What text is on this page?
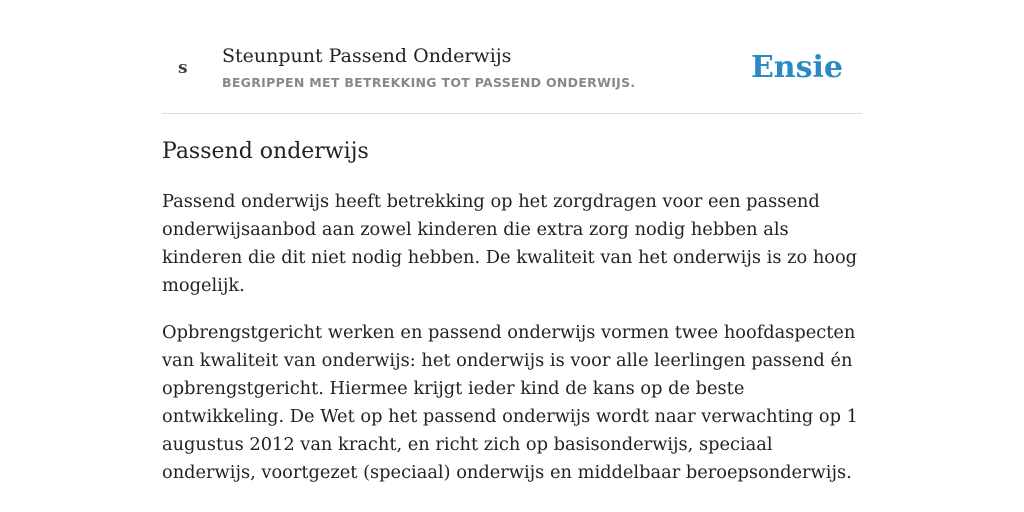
s
Steunpunt Passend Onderwijs
BEGRIPPEN MET BETREKKING TOT PASSEND ONDERWIJS.	Ensie
Passend onderwijs

Passend onderwijs heeft betrekking op het zorgdragen voor een passend onderwijsaanbod aan zowel kinderen die extra zorg nodig hebben als kinderen die dit niet nodig hebben. De kwaliteit van het onderwijs is zo hoog mogelijk.

Opbrengstgericht werken en passend onderwijs vormen twee hoofdaspecten van kwaliteit van onderwijs: het onderwijs is voor alle leerlingen passend én opbrengstgericht. Hiermee krijgt ieder kind de kans op de beste ontwikkeling. De Wet op het passend onderwijs wordt naar verwachting op 1 augustus 2012 van kracht, en richt zich op basisonderwijs, speciaal onderwijs, voortgezet (speciaal) onderwijs en middelbaar beroepsonderwijs.
